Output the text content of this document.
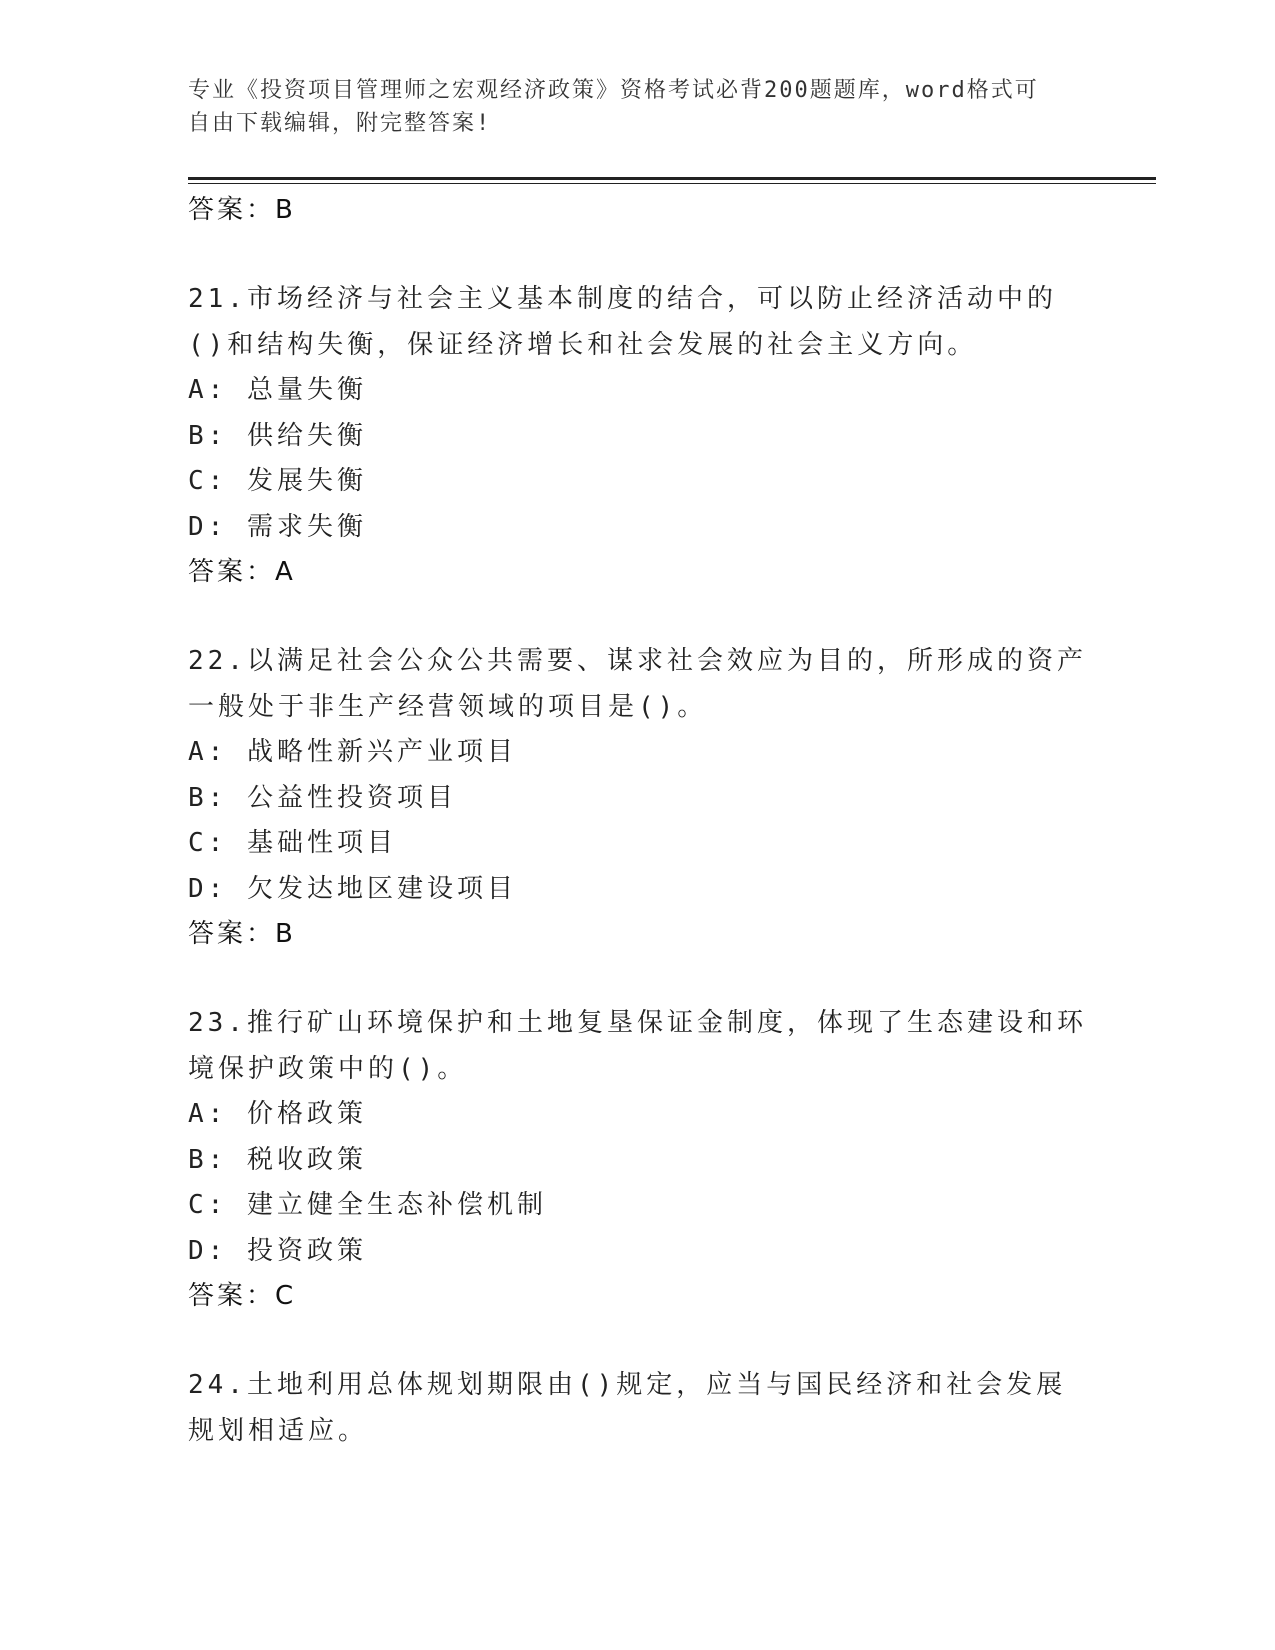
专业《投资项目管理师之宏观经济政策》资格考试必背200题题库，word格式可
自由下载编辑，附完整答案!
答案：B
21.市场经济与社会主义基本制度的结合，可以防止经济活动中的()和结构失衡，保证经济增长和社会发展的社会主义方向。
A: 总量失衡
B: 供给失衡
C: 发展失衡
D: 需求失衡
答案：A
22.以满足社会公众公共需要、谋求社会效应为目的，所形成的资产一般处于非生产经营领域的项目是()。
A: 战略性新兴产业项目
B: 公益性投资项目
C: 基础性项目
D: 欠发达地区建设项目
答案：B
23.推行矿山环境保护和土地复垦保证金制度，体现了生态建设和环境保护政策中的()。
A: 价格政策
B: 税收政策
C: 建立健全生态补偿机制
D: 投资政策
答案：C
24.土地利用总体规划期限由()规定，应当与国民经济和社会发展规划相适应。
